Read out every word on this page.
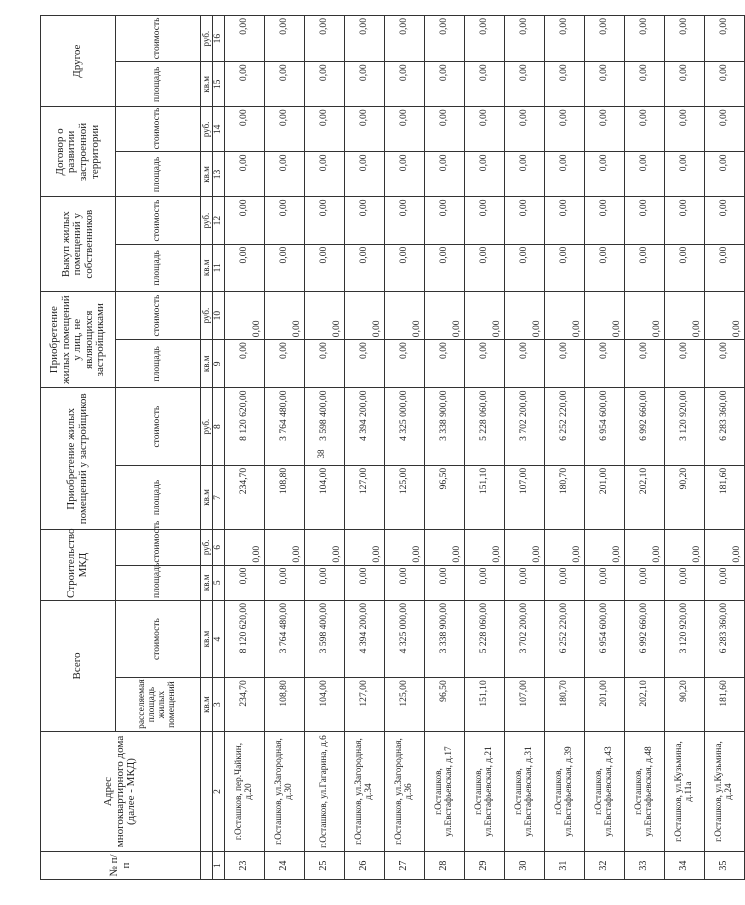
38
№ п/п	Адрес многоквартирного дома (далее - МКД)	Всего		Строительство МКД		Приобретение жилых помещений у застройщиков		Приобретение жилых помещений у лиц, не являющихся застройщиками		Выкуп жилых помещений у собственников		Договор о развитии застроенной территории		Другое	
		расселяемая площадь жилых помещений	стоимость	площадь	стоимость	площадь	стоимость	площадь	стоимость	площадь	стоимость	площадь	стоимость	площадь	стоимость
		кв.м	кв.м	кв.м	руб.	кв.м	руб.	кв.м	руб.	кв.м	руб.	кв.м	руб.	кв.м	руб.
1	2	3	4	5	6	7	8	9	10	11	12	13	14	15	16
23	г.Осташков, пер.Чайкин, д.20	234,70	8 120 620,00	0,00	0,00	234,70	8 120 620,00	0,00	0,00	0,00	0,00	0,00	0,00	0,00	0,00
24	г.Осташков, ул.Загородная, д.30	108,80	3 764 480,00	0,00	0,00	108,80	3 764 480,00	0,00	0,00	0,00	0,00	0,00	0,00	0,00	0,00
25	г.Осташков, ул.Гагарина, д.6	104,00	3 598 400,00	0,00	0,00	104,00	3 598 400,00	0,00	0,00	0,00	0,00	0,00	0,00	0,00	0,00
26	г.Осташков, ул.Загородная, д.34	127,00	4 394 200,00	0,00	0,00	127,00	4 394 200,00	0,00	0,00	0,00	0,00	0,00	0,00	0,00	0,00
27	г.Осташков, ул.Загородная, д.36	125,00	4 325 000,00	0,00	0,00	125,00	4 325 000,00	0,00	0,00	0,00	0,00	0,00	0,00	0,00	0,00
28	г.Осташков, ул.Евстафьевская, д.17	96,50	3 338 900,00	0,00	0,00	96,50	3 338 900,00	0,00	0,00	0,00	0,00	0,00	0,00	0,00	0,00
29	г.Осташков, ул.Евстафьевская, д.21	151,10	5 228 060,00	0,00	0,00	151,10	5 228 060,00	0,00	0,00	0,00	0,00	0,00	0,00	0,00	0,00
30	г.Осташков, ул.Евстафьевская, д.31	107,00	3 702 200,00	0,00	0,00	107,00	3 702 200,00	0,00	0,00	0,00	0,00	0,00	0,00	0,00	0,00
31	г.Осташков, ул.Евстафьевская, д.39	180,70	6 252 220,00	0,00	0,00	180,70	6 252 220,00	0,00	0,00	0,00	0,00	0,00	0,00	0,00	0,00
32	г.Осташков, ул.Евстафьевская, д.43	201,00	6 954 600,00	0,00	0,00	201,00	6 954 600,00	0,00	0,00	0,00	0,00	0,00	0,00	0,00	0,00
33	г.Осташков, ул.Евстафьевская, д.48	202,10	6 992 660,00	0,00	0,00	202,10	6 992 660,00	0,00	0,00	0,00	0,00	0,00	0,00	0,00	0,00
34	г.Осташков, ул.Кузьмина, д.11а	90,20	3 120 920,00	0,00	0,00	90,20	3 120 920,00	0,00	0,00	0,00	0,00	0,00	0,00	0,00	0,00
35	г.Осташков, ул.Кузьмина, д.24	181,60	6 283 360,00	0,00	0,00	181,60	6 283 360,00	0,00	0,00	0,00	0,00	0,00	0,00	0,00	0,00
